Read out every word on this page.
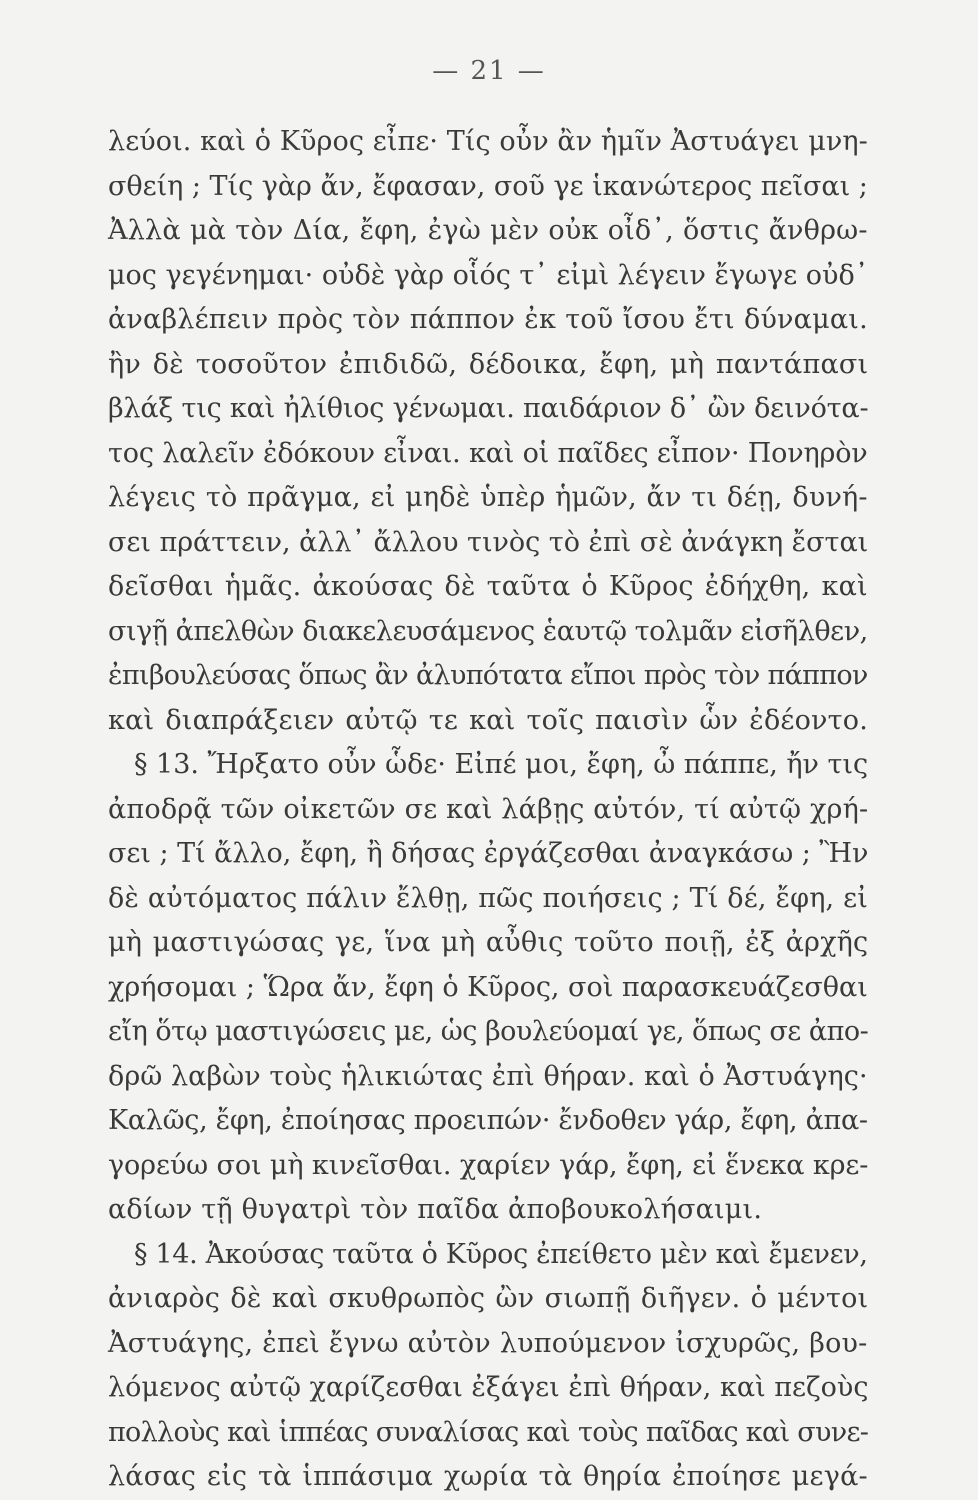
— 21 —
λεύοι. καὶ ὁ Κῦρος εἶπε· Τίς οὖν ἂν ἡμῖν Ἀστυάγει μνη-
σθείη ; Τίς γὰρ ἄν, ἔφασαν, σοῦ γε ἱκανώτερος πεῖσαι ;
Ἀλλὰ μὰ τὸν Δία, ἔφη, ἐγὼ μὲν οὐκ οἶδ᾽, ὅστις ἄνθρω-
μος γεγένημαι· οὐδὲ γὰρ οἷός τ᾽ εἰμὶ λέγειν ἔγωγε οὐδ᾽
ἀναβλέπειν πρὸς τὸν πάππον ἐκ τοῦ ἴσου ἔτι δύναμαι.
ἢν δὲ τοσοῦτον ἐπιδιδῶ, δέδοικα, ἔφη, μὴ παντάπασι
βλάξ τις καὶ ἠλίθιος γένωμαι. παιδάριον δ᾽ ὢν δεινότα-
τος λαλεῖν ἐδόκουν εἶναι. καὶ οἱ παῖδες εἶπον· Πονηρὸν
λέγεις τὸ πρᾶγμα, εἰ μηδὲ ὑπὲρ ἡμῶν, ἄν τι δέῃ, δυνή-
σει πράττειν, ἀλλ᾽ ἄλλου τινὸς τὸ ἐπὶ σὲ ἀνάγκη ἔσται
δεῖσθαι ἡμᾶς. ἀκούσας δὲ ταῦτα ὁ Κῦρος ἐδήχθη, καὶ
σιγῇ ἀπελθὼν διακελευσάμενος ἑαυτῷ τολμᾶν εἰσῆλθεν,
ἐπιβουλεύσας ὅπως ἂν ἀλυπότατα εἴποι πρὸς τὸν πάππον
καὶ διαπράξειεν αὐτῷ τε καὶ τοῖς παισὶν ὧν ἐδέοντο.
§ 13. Ἤρξατο οὖν ὧδε· Εἰπέ μοι, ἔφη, ὦ πάππε, ἤν τις
ἀποδρᾷ τῶν οἰκετῶν σε καὶ λάβῃς αὐτόν, τί αὐτῷ χρή-
σει ; Τί ἄλλο, ἔφη, ἢ δήσας ἐργάζεσθαι ἀναγκάσω ; Ἢν
δὲ αὐτόματος πάλιν ἔλθῃ, πῶς ποιήσεις ; Τί δέ, ἔφη, εἰ
μὴ μαστιγώσας γε, ἵνα μὴ αὖθις τοῦτο ποιῇ, ἐξ ἀρχῆς
χρήσομαι ; Ὥρα ἄν, ἔφη ὁ Κῦρος, σοὶ παρασκευάζεσθαι
εἴη ὅτῳ μαστιγώσεις με, ὡς βουλεύομαί γε, ὅπως σε ἀπο-
δρῶ λαβὼν τοὺς ἡλικιώτας ἐπὶ θήραν. καὶ ὁ Ἀστυάγης·
Καλῶς, ἔφη, ἐποίησας προειπών· ἔνδοθεν γάρ, ἔφη, ἀπα-
γορεύω σοι μὴ κινεῖσθαι. χαρίεν γάρ, ἔφη, εἰ ἕνεκα κρε-
αδίων τῇ θυγατρὶ τὸν παῖδα ἀποβουκολήσαιμι.
§ 14. Ἀκούσας ταῦτα ὁ Κῦρος ἐπείθετο μὲν καὶ ἔμενεν,
ἀνιαρὸς δὲ καὶ σκυθρωπὸς ὢν σιωπῇ διῆγεν. ὁ μέντοι
Ἀστυάγης, ἐπεὶ ἔγνω αὐτὸν λυπούμενον ἰσχυρῶς, βου-
λόμενος αὐτῷ χαρίζεσθαι ἐξάγει ἐπὶ θήραν, καὶ πεζοὺς
πολλοὺς καὶ ἱππέας συναλίσας καὶ τοὺς παῖδας καὶ συνε-
λάσας εἰς τὰ ἱππάσιμα χωρία τὰ θηρία ἐποίησε μεγά-
